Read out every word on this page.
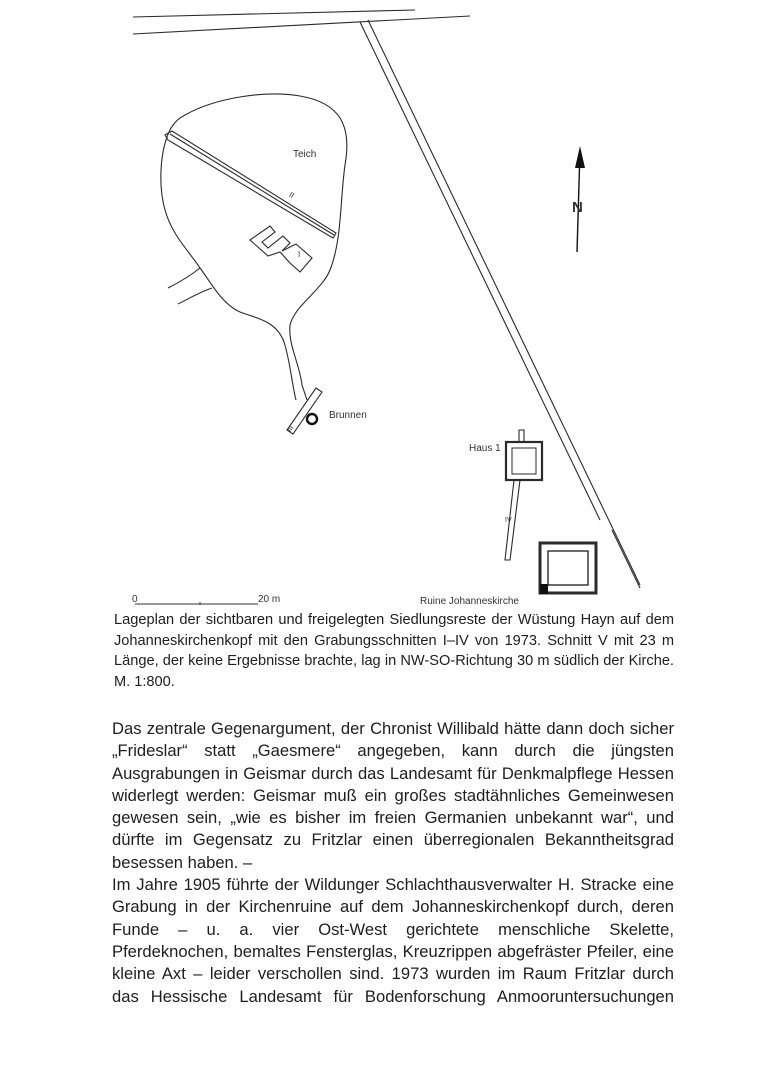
N
Teich
Brunnen
Haus 1
Ruine Johanneskirche
I
II
III
IV
0	20 m

Lageplan der sichtbaren und freigelegten Siedlungsreste der Wüstung Hayn auf dem Johanneskirchenkopf mit den Grabungsschnitten I–IV von 1973. Schnitt V mit 23 m Länge, der keine Ergebnisse brachte, lag in NW-SO-Richtung 30 m südlich der Kirche. M. 1:800.

Das zentrale Gegenargument, der Chronist Willibald hätte dann doch sicher „Frideslar“ statt „Gaesmere“ angegeben, kann durch die jüngsten Ausgrabungen in Geismar durch das Landesamt für Denkmalpflege Hessen widerlegt werden: Geismar muß ein großes stadtähnliches Gemeinwesen gewesen sein, „wie es bisher im freien Germanien unbekannt war“, und dürfte im Gegensatz zu Fritzlar einen überregionalen Bekanntheitsgrad besessen haben. –

Im Jahre 1905 führte der Wildunger Schlachthausverwalter H. Stracke eine Grabung in der Kirchenruine auf dem Johanneskirchenkopf durch, deren Funde – u. a. vier Ost-West gerichtete menschliche Skelette, Pferdeknochen, bemaltes Fensterglas, Kreuzrippen abgefräster Pfeiler, eine kleine Axt – leider verschollen sind. 1973 wurden im Raum Fritzlar durch das Hessische Landesamt für Bodenforschung Anmooruntersuchungen
